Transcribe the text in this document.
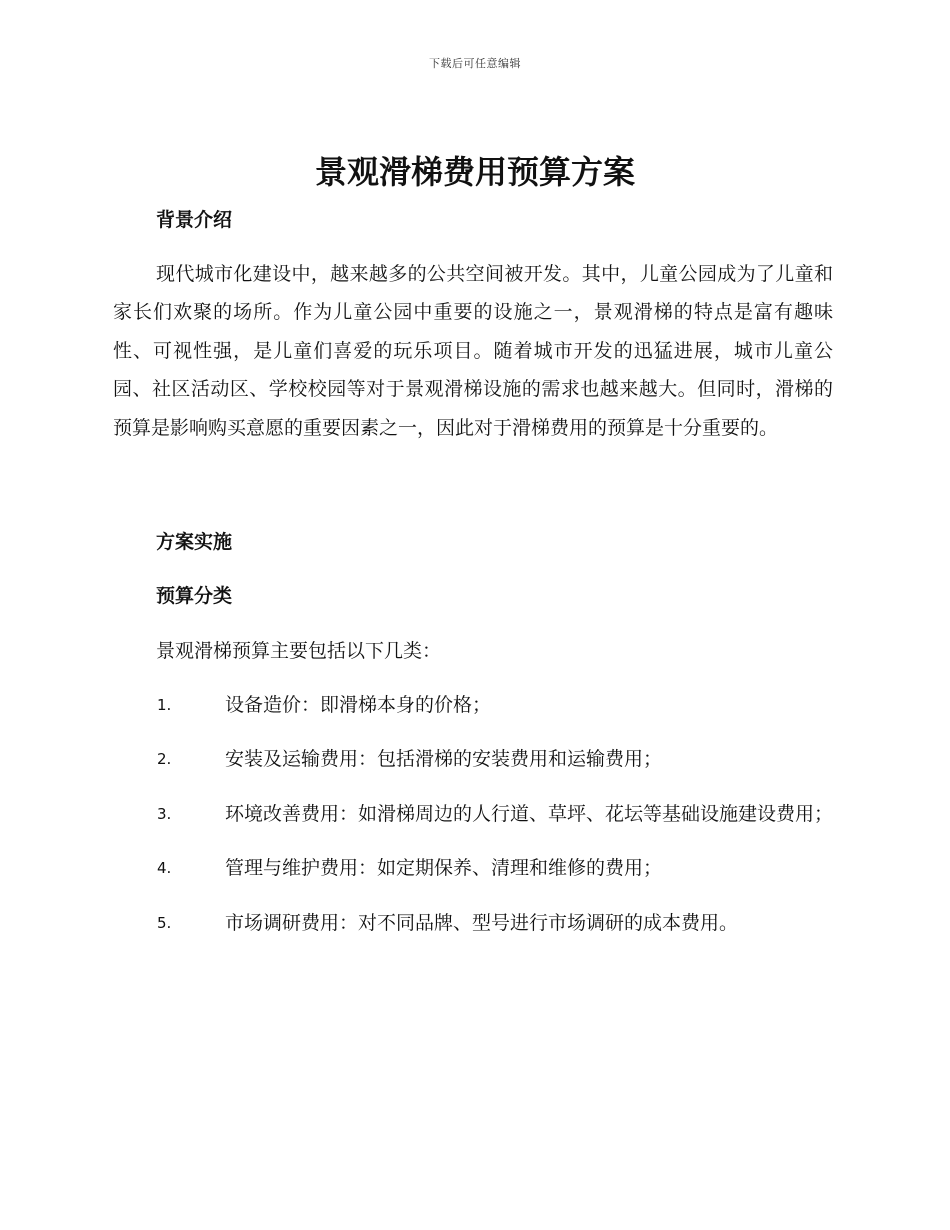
下载后可任意编辑
景观滑梯费用预算方案
背景介绍

现代城市化建设中，越来越多的公共空间被开发。其中，儿童公园成为了儿童和家长们欢聚的场所。作为儿童公园中重要的设施之一，景观滑梯的特点是富有趣味性、可视性强，是儿童们喜爱的玩乐项目。随着城市开发的迅猛进展，城市儿童公园、社区活动区、学校校园等对于景观滑梯设施的需求也越来越大。但同时，滑梯的预算是影响购买意愿的重要因素之一，因此对于滑梯费用的预算是十分重要的。

方案实施
预算分类

景观滑梯预算主要包括以下几类：

1.	设备造价：即滑梯本身的价格；
2.	安装及运输费用：包括滑梯的安装费用和运输费用；
3.	环境改善费用：如滑梯周边的人行道、草坪、花坛等基础设施建设费用；
4.	管理与维护费用：如定期保养、清理和维修的费用；
5.	市场调研费用：对不同品牌、型号进行市场调研的成本费用。
